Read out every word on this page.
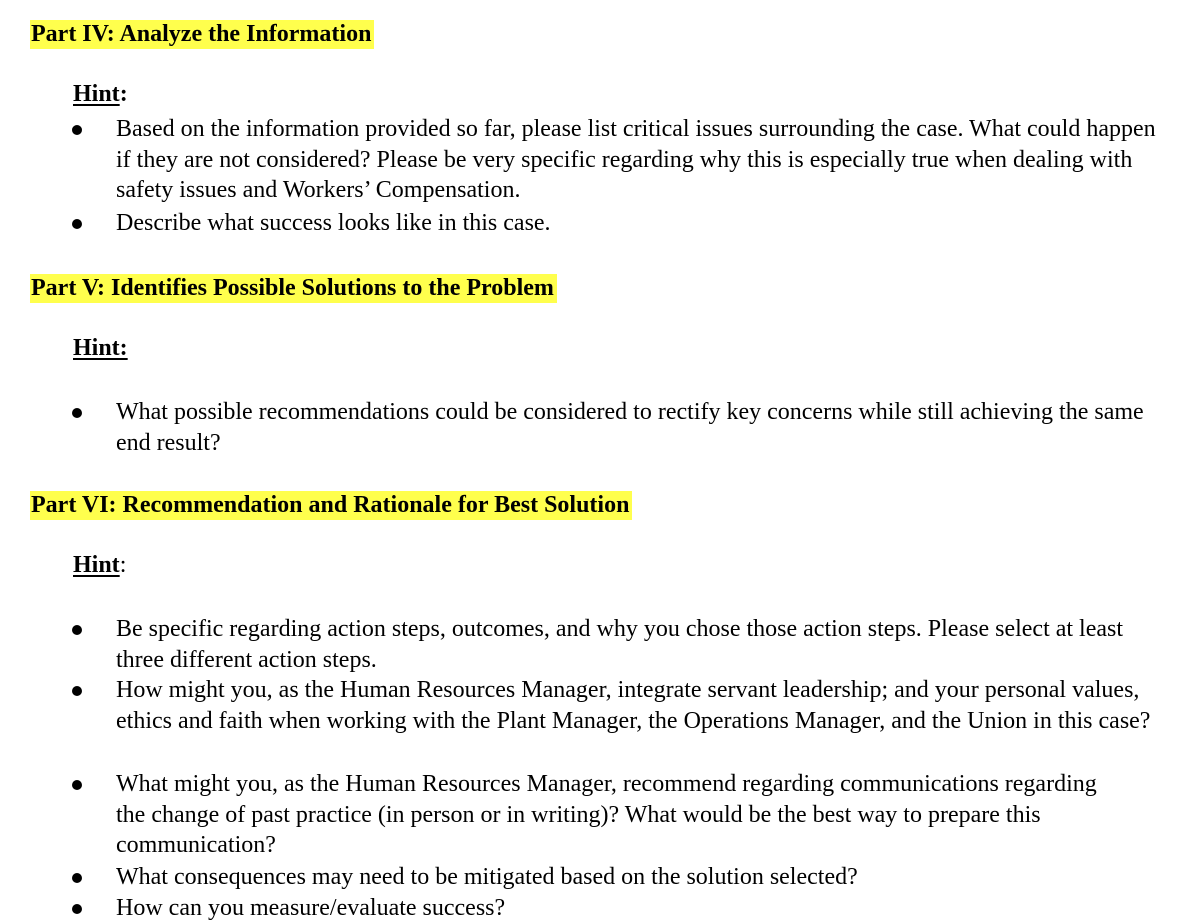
Part IV: Analyze the Information
Hint:
Based on the information provided so far, please list critical issues surrounding the case. What could happen if they are not considered? Please be very specific regarding why this is especially true when dealing with safety issues and Workers’ Compensation.
Describe what success looks like in this case.
Part V: Identifies Possible Solutions to the Problem
Hint:
What possible recommendations could be considered to rectify key concerns while still achieving the same end result?
Part VI: Recommendation and Rationale for Best Solution
Hint:
Be specific regarding action steps, outcomes, and why you chose those action steps. Please select at least three different action steps.
How might you, as the Human Resources Manager, integrate servant leadership; and your personal values, ethics and faith when working with the Plant Manager, the Operations Manager, and the Union in this case?
What might you, as the Human Resources Manager, recommend regarding communications regarding the change of past practice (in person or in writing)? What would be the best way to prepare this communication?
What consequences may need to be mitigated based on the solution selected?
How can you measure/evaluate success?
